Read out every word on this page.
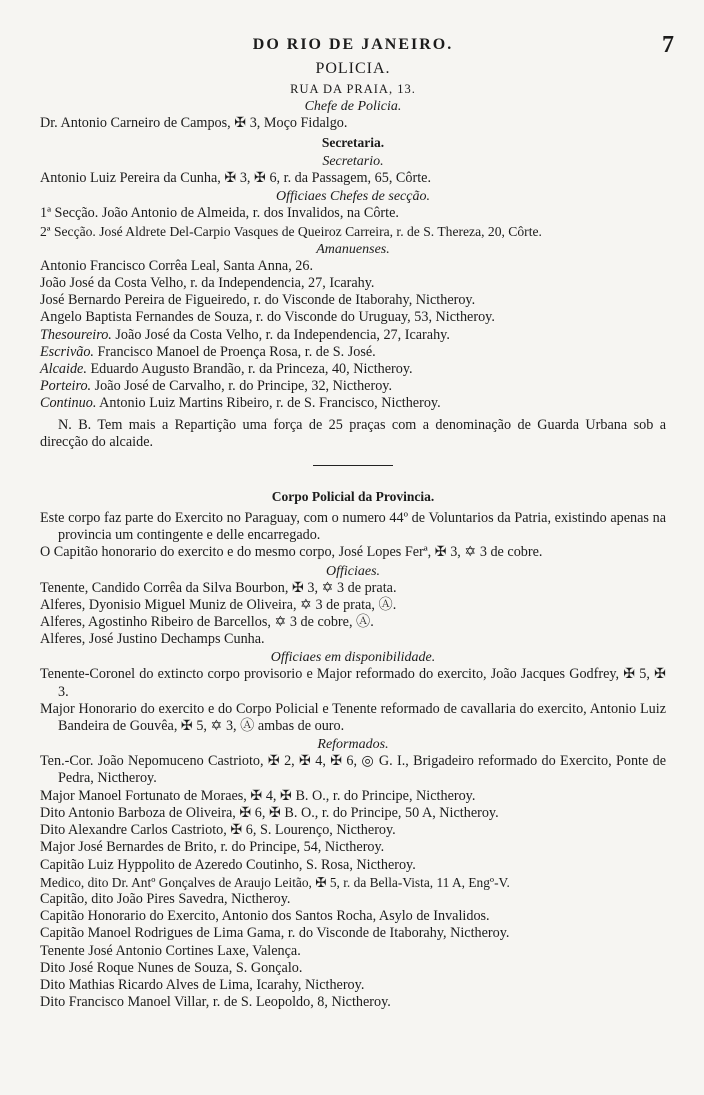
DO RIO DE JANEIRO.	7
POLICIA.
RUA DA PRAIA, 13.
Chefe de Policia.
Dr. Antonio Carneiro de Campos, ✠ 3, Moço Fidalgo.
Secretaria.
Secretario.
Antonio Luiz Pereira da Cunha, ✠ 3, ✠ 6, r. da Passagem, 65, Côrte.
Officiaes Chefes de secção.
1ª Secção. João Antonio de Almeida, r. dos Invalidos, na Côrte.
2ª Secção. José Aldrete Del-Carpio Vasques de Queiroz Carreira, r. de S. Thereza, 20, Côrte.
Amanuenses.
Antonio Francisco Corrêa Leal, Santa Anna, 26.
João José da Costa Velho, r. da Independencia, 27, Icarahy.
José Bernardo Pereira de Figueiredo, r. do Visconde de Itaborahy, Nictheroy.
Angelo Baptista Fernandes de Souza, r. do Visconde do Uruguay, 53, Nictheroy.
Thesoureiro. João José da Costa Velho, r. da Independencia, 27, Icarahy.
Escrivão. Francisco Manoel de Proença Rosa, r. de S. José.
Alcaide. Eduardo Augusto Brandão, r. da Princeza, 40, Nictheroy.
Porteiro. João José de Carvalho, r. do Principe, 32, Nictheroy.
Continuo. Antonio Luiz Martins Ribeiro, r. de S. Francisco, Nictheroy.
N. B. Tem mais a Repartição uma força de 25 praças com a denominação de Guarda Urbana sob a direcção do alcaide.
Corpo Policial da Provincia.
Este corpo faz parte do Exercito no Paraguay, com o numero 44º de Voluntarios da Patria, existindo apenas na provincia um contingente e delle encarregado.
O Capitão honorario do exercito e do mesmo corpo, José Lopes Ferª, ✠ 3, ✡ 3 de cobre.
Officiaes.
Tenente, Candido Corrêa da Silva Bourbon, ✠ 3, ✡ 3 de prata.
Alferes, Dyonisio Miguel Muniz de Oliveira, ✡ 3 de prata, Ⓐ.
Alferes, Agostinho Ribeiro de Barcellos, ✡ 3 de cobre, Ⓐ.
Alferes, José Justino Dechamps Cunha.
Officiaes em disponibilidade.
Tenente-Coronel do extincto corpo provisorio e Major reformado do exercito, João Jacques Godfrey, ✠ 5, ✠ 3.
Major Honorario do exercito e do Corpo Policial e Tenente reformado de cavallaria do exercito, Antonio Luiz Bandeira de Gouvêa, ✠ 5, ✡ 3, Ⓐ ambas de ouro.
Reformados.
Ten.-Cor. João Nepomuceno Castrioto, ✠ 2, ✠ 4, ✠ 6, ◎ G. I., Brigadeiro reformado do Exercito, Ponte de Pedra, Nictheroy.
Major Manoel Fortunato de Moraes, ✠ 4, ✠ B. O., r. do Principe, Nictheroy.
Dito Antonio Barboza de Oliveira, ✠ 6, ✠ B. O., r. do Principe, 50 A, Nictheroy.
Dito Alexandre Carlos Castrioto, ✠ 6, S. Lourenço, Nictheroy.
Major José Bernardes de Brito, r. do Principe, 54, Nictheroy.
Capitão Luiz Hyppolito de Azeredo Coutinho, S. Rosa, Nictheroy.
Medico, dito Dr. Antº Gonçalves de Araujo Leitão, ✠ 5, r. da Bella-Vista, 11 A, Engº-V.
Capitão, dito João Pires Savedra, Nictheroy.
Capitão Honorario do Exercito, Antonio dos Santos Rocha, Asylo de Invalidos.
Capitão Manoel Rodrigues de Lima Gama, r. do Visconde de Itaborahy, Nictheroy.
Tenente José Antonio Cortines Laxe, Valença.
Dito José Roque Nunes de Souza, S. Gonçalo.
Dito Mathias Ricardo Alves de Lima, Icarahy, Nictheroy.
Dito Francisco Manoel Villar, r. de S. Leopoldo, 8, Nictheroy.
